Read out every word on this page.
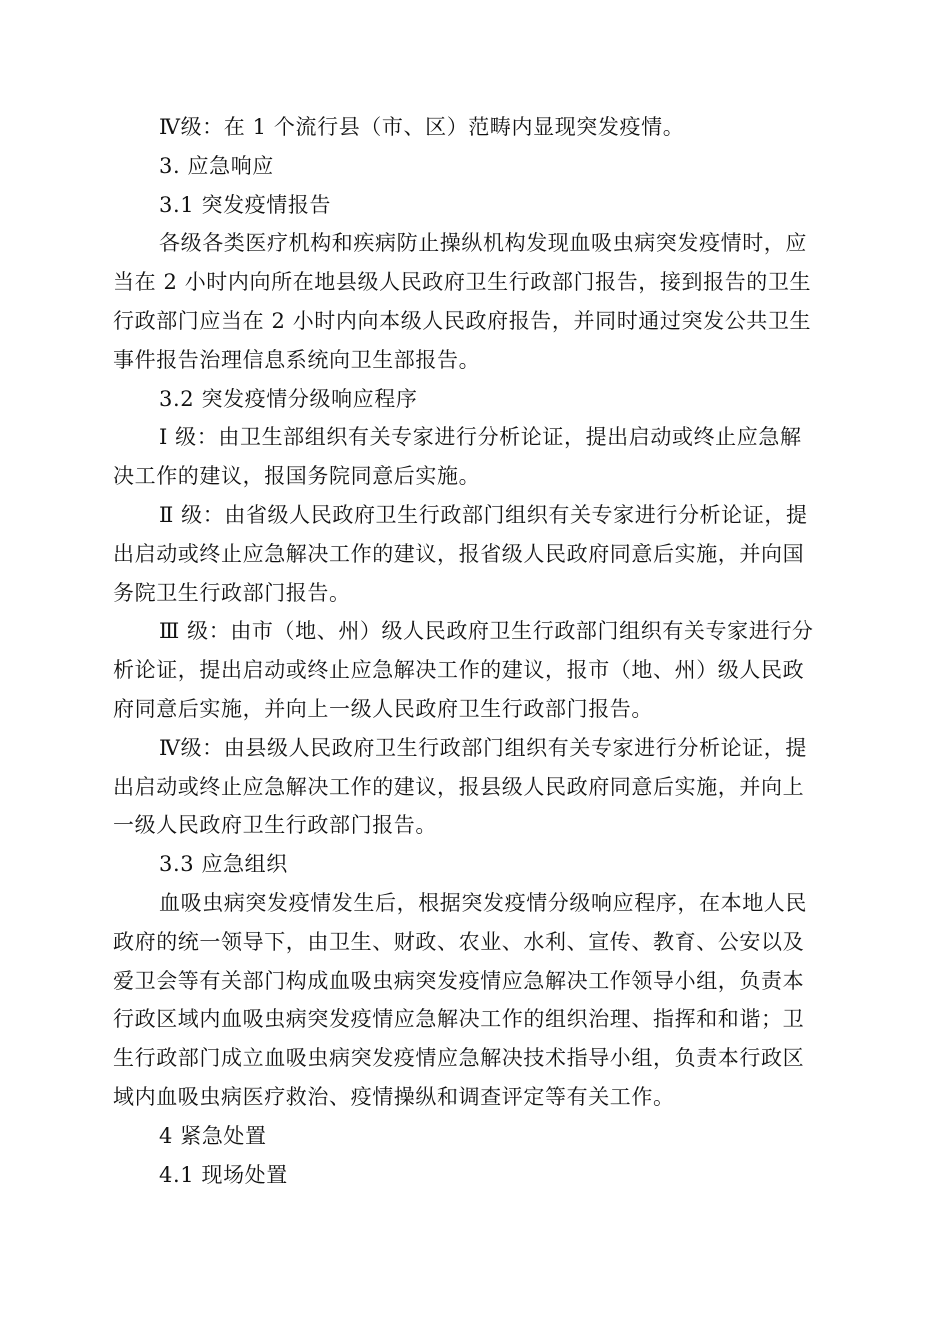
Ⅳ级：在 1 个流行县（市、区）范畴内显现突发疫情。
3. 应急响应
3.1 突发疫情报告
各级各类医疗机构和疾病防止操纵机构发现血吸虫病突发疫情时，应
当在 2 小时内向所在地县级人民政府卫生行政部门报告，接到报告的卫生
行政部门应当在 2 小时内向本级人民政府报告，并同时通过突发公共卫生
事件报告治理信息系统向卫生部报告。
3.2 突发疫情分级响应程序
Ⅰ 级：由卫生部组织有关专家进行分析论证，提出启动或终止应急解
决工作的建议，报国务院同意后实施。
Ⅱ 级：由省级人民政府卫生行政部门组织有关专家进行分析论证，提
出启动或终止应急解决工作的建议，报省级人民政府同意后实施，并向国
务院卫生行政部门报告。
Ⅲ 级：由市（地、州）级人民政府卫生行政部门组织有关专家进行分
析论证，提出启动或终止应急解决工作的建议，报市（地、州）级人民政
府同意后实施，并向上一级人民政府卫生行政部门报告。
Ⅳ级：由县级人民政府卫生行政部门组织有关专家进行分析论证，提
出启动或终止应急解决工作的建议，报县级人民政府同意后实施，并向上
一级人民政府卫生行政部门报告。
3.3 应急组织
血吸虫病突发疫情发生后，根据突发疫情分级响应程序，在本地人民
政府的统一领导下，由卫生、财政、农业、水利、宣传、教育、公安以及
爱卫会等有关部门构成血吸虫病突发疫情应急解决工作领导小组，负责本
行政区域内血吸虫病突发疫情应急解决工作的组织治理、指挥和和谐；卫
生行政部门成立血吸虫病突发疫情应急解决技术指导小组，负责本行政区
域内血吸虫病医疗救治、疫情操纵和调查评定等有关工作。
4 紧急处置
4.1 现场处置
